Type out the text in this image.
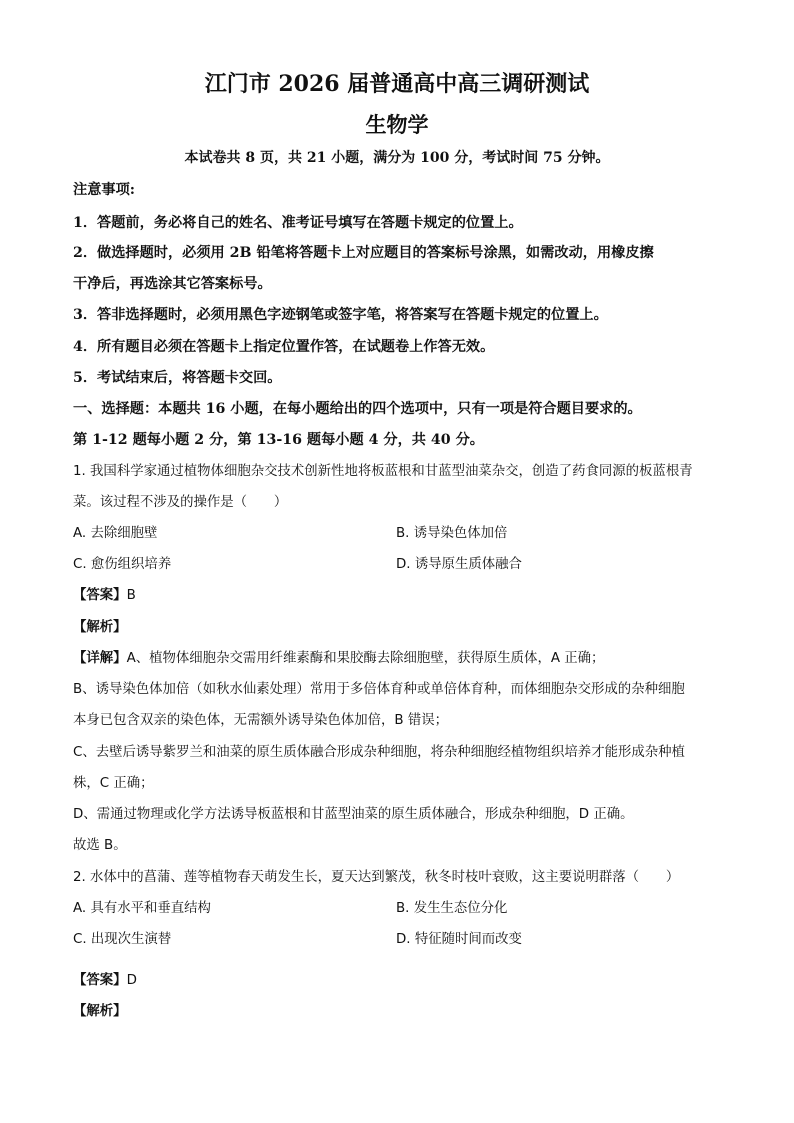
江门市 2026 届普通高中高三调研测试
生物学
本试卷共 8 页，共 21 小题，满分为 100 分，考试时间 75 分钟。
注意事项:
1．答题前，务必将自己的姓名、准考证号填写在答题卡规定的位置上。
2．做选择题时，必须用 2B 铅笔将答题卡上对应题目的答案标号涂黑，如需改动，用橡皮擦
干净后，再选涂其它答案标号。
3．答非选择题时，必须用黑色字迹钢笔或签字笔，将答案写在答题卡规定的位置上。
4．所有题目必须在答题卡上指定位置作答，在试题卷上作答无效。
5．考试结束后，将答题卡交回。
一、选择题：本题共 16 小题，在每小题给出的四个选项中，只有一项是符合题目要求的。
第 1-12 题每小题 2 分，第 13-16 题每小题 4 分，共 40 分。
1. 我国科学家通过植物体细胞杂交技术创新性地将板蓝根和甘蓝型油菜杂交，创造了药食同源的板蓝根青
菜。该过程不涉及的操作是（　　）
A. 去除细胞壁	B. 诱导染色体加倍
C. 愈伤组织培养	D. 诱导原生质体融合
【答案】B
【解析】
【详解】A、植物体细胞杂交需用纤维素酶和果胶酶去除细胞壁，获得原生质体，A 正确；
B、诱导染色体加倍（如秋水仙素处理）常用于多倍体育种或单倍体育种，而体细胞杂交形成的杂种细胞
本身已包含双亲的染色体，无需额外诱导染色体加倍，B 错误；
C、去壁后诱导紫罗兰和油菜的原生质体融合形成杂种细胞，将杂种细胞经植物组织培养才能形成杂种植
株，C 正确；
D、需通过物理或化学方法诱导板蓝根和甘蓝型油菜的原生质体融合，形成杂种细胞，D 正确。
故选 B。
2. 水体中的菖蒲、莲等植物春天萌发生长，夏天达到繁茂，秋冬时枝叶衰败，这主要说明群落（　　）
A. 具有水平和垂直结构	B. 发生生态位分化
C. 出现次生演替	D. 特征随时间而改变
【答案】D
【解析】
